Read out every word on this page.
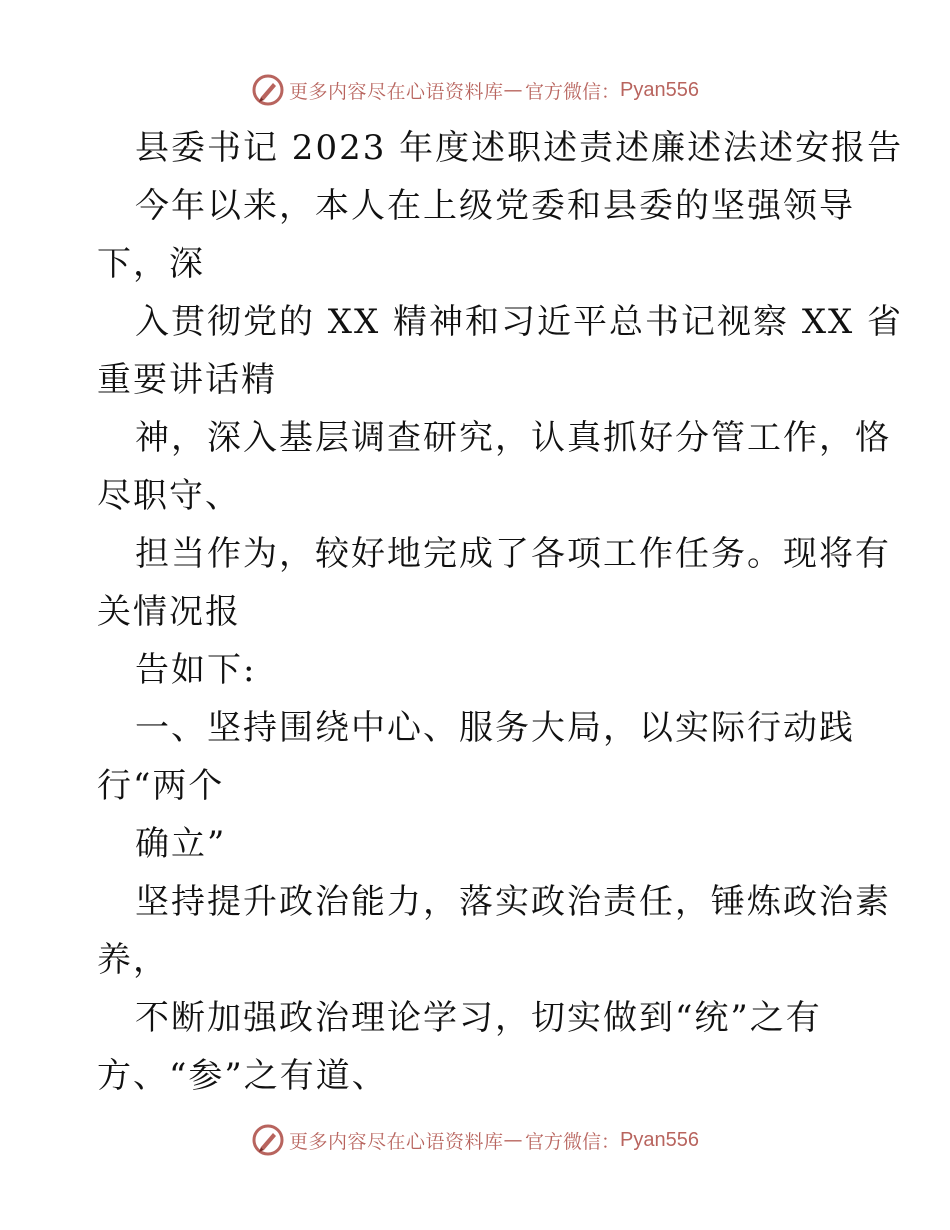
更多内容尽在心语资料库 — 官方微信： Pyan556
县委书记 2023 年度述职述责述廉述法述安报告
今年以来，本人在上级党委和县委的坚强领导
下，深
入贯彻党的 XX 精神和习近平总书记视察 XX 省
重要讲话精
神，深入基层调查研究，认真抓好分管工作，恪
尽职守、
担当作为，较好地完成了各项工作任务。现将有
关情况报
告如下:
一、坚持围绕中心、服务大局，以实际行动践
行“两个
确立”
坚持提升政治能力，落实政治责任，锤炼政治素
养，
不断加强政治理论学习，切实做到“统”之有
方、“参”之有道、
更多内容尽在心语资料库 — 官方微信： Pyan556
